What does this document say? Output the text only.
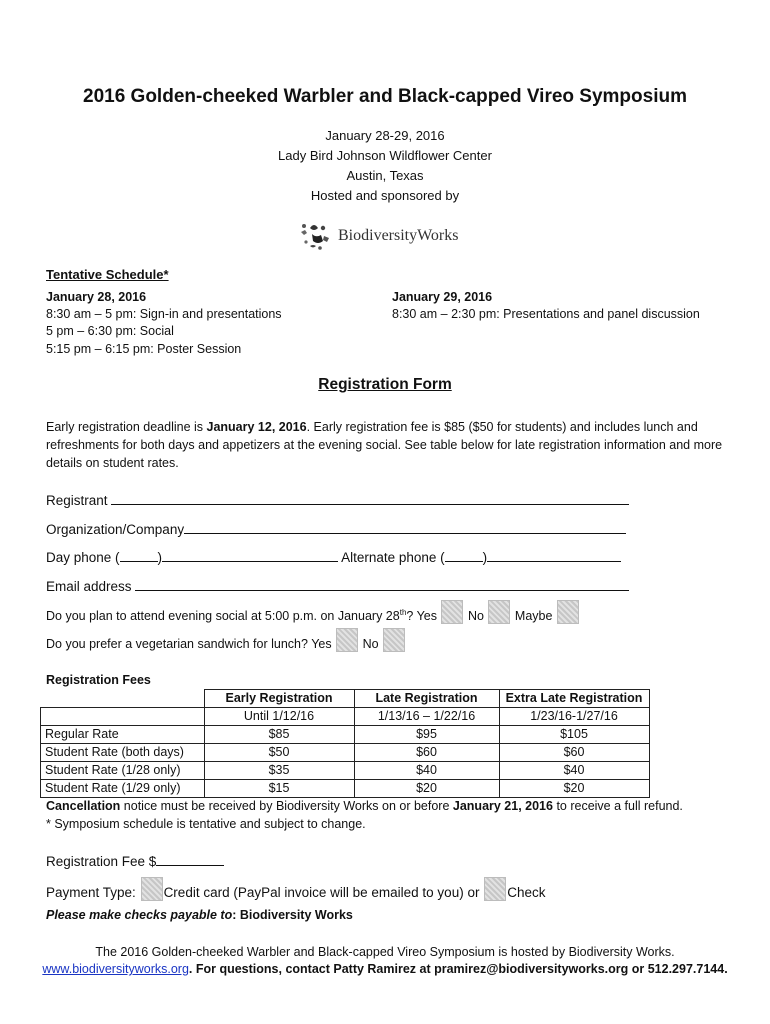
2016 Golden-cheeked Warbler and Black-capped Vireo Symposium
January 28-29, 2016
Lady Bird Johnson Wildflower Center
Austin, Texas
Hosted and sponsored by
BiodiversityWorks
Tentative Schedule*
January 28, 2016
8:30 am – 5 pm: Sign-in and presentations
5 pm – 6:30 pm: Social
5:15 pm – 6:15 pm: Poster Session
January 29, 2016
8:30 am – 2:30 pm: Presentations and panel discussion
Registration Form
Early registration deadline is January 12, 2016. Early registration fee is $85 ($50 for students) and includes lunch and refreshments for both days and appetizers at the evening social. See table below for late registration information and more details on student rates.
Registrant
Organization/Company
Day phone (	)	Alternate phone (	)
Email address
Do you plan to attend evening social at 5:00 p.m. on January 28th? Yes No Maybe
Do you prefer a vegetarian sandwich for lunch? Yes No
Registration Fees
	Early Registration	Late Registration	Extra Late Registration
	Until 1/12/16	1/13/16 – 1/22/16	1/23/16-1/27/16
Regular Rate	$85	$95	$105
Student Rate (both days)	$50	$60	$60
Student Rate (1/28 only)	$35	$40	$40
Student Rate (1/29 only)	$15	$20	$20
Cancellation notice must be received by Biodiversity Works on or before January 21, 2016 to receive a full refund.
* Symposium schedule is tentative and subject to change.
Registration Fee $
Payment Type: Credit card (PayPal invoice will be emailed to you) or Check
Please make checks payable to: Biodiversity Works
The 2016 Golden-cheeked Warbler and Black-capped Vireo Symposium is hosted by Biodiversity Works.
www.biodiversityworks.org. For questions, contact Patty Ramirez at pramirez@biodiversityworks.org or 512.297.7144.
